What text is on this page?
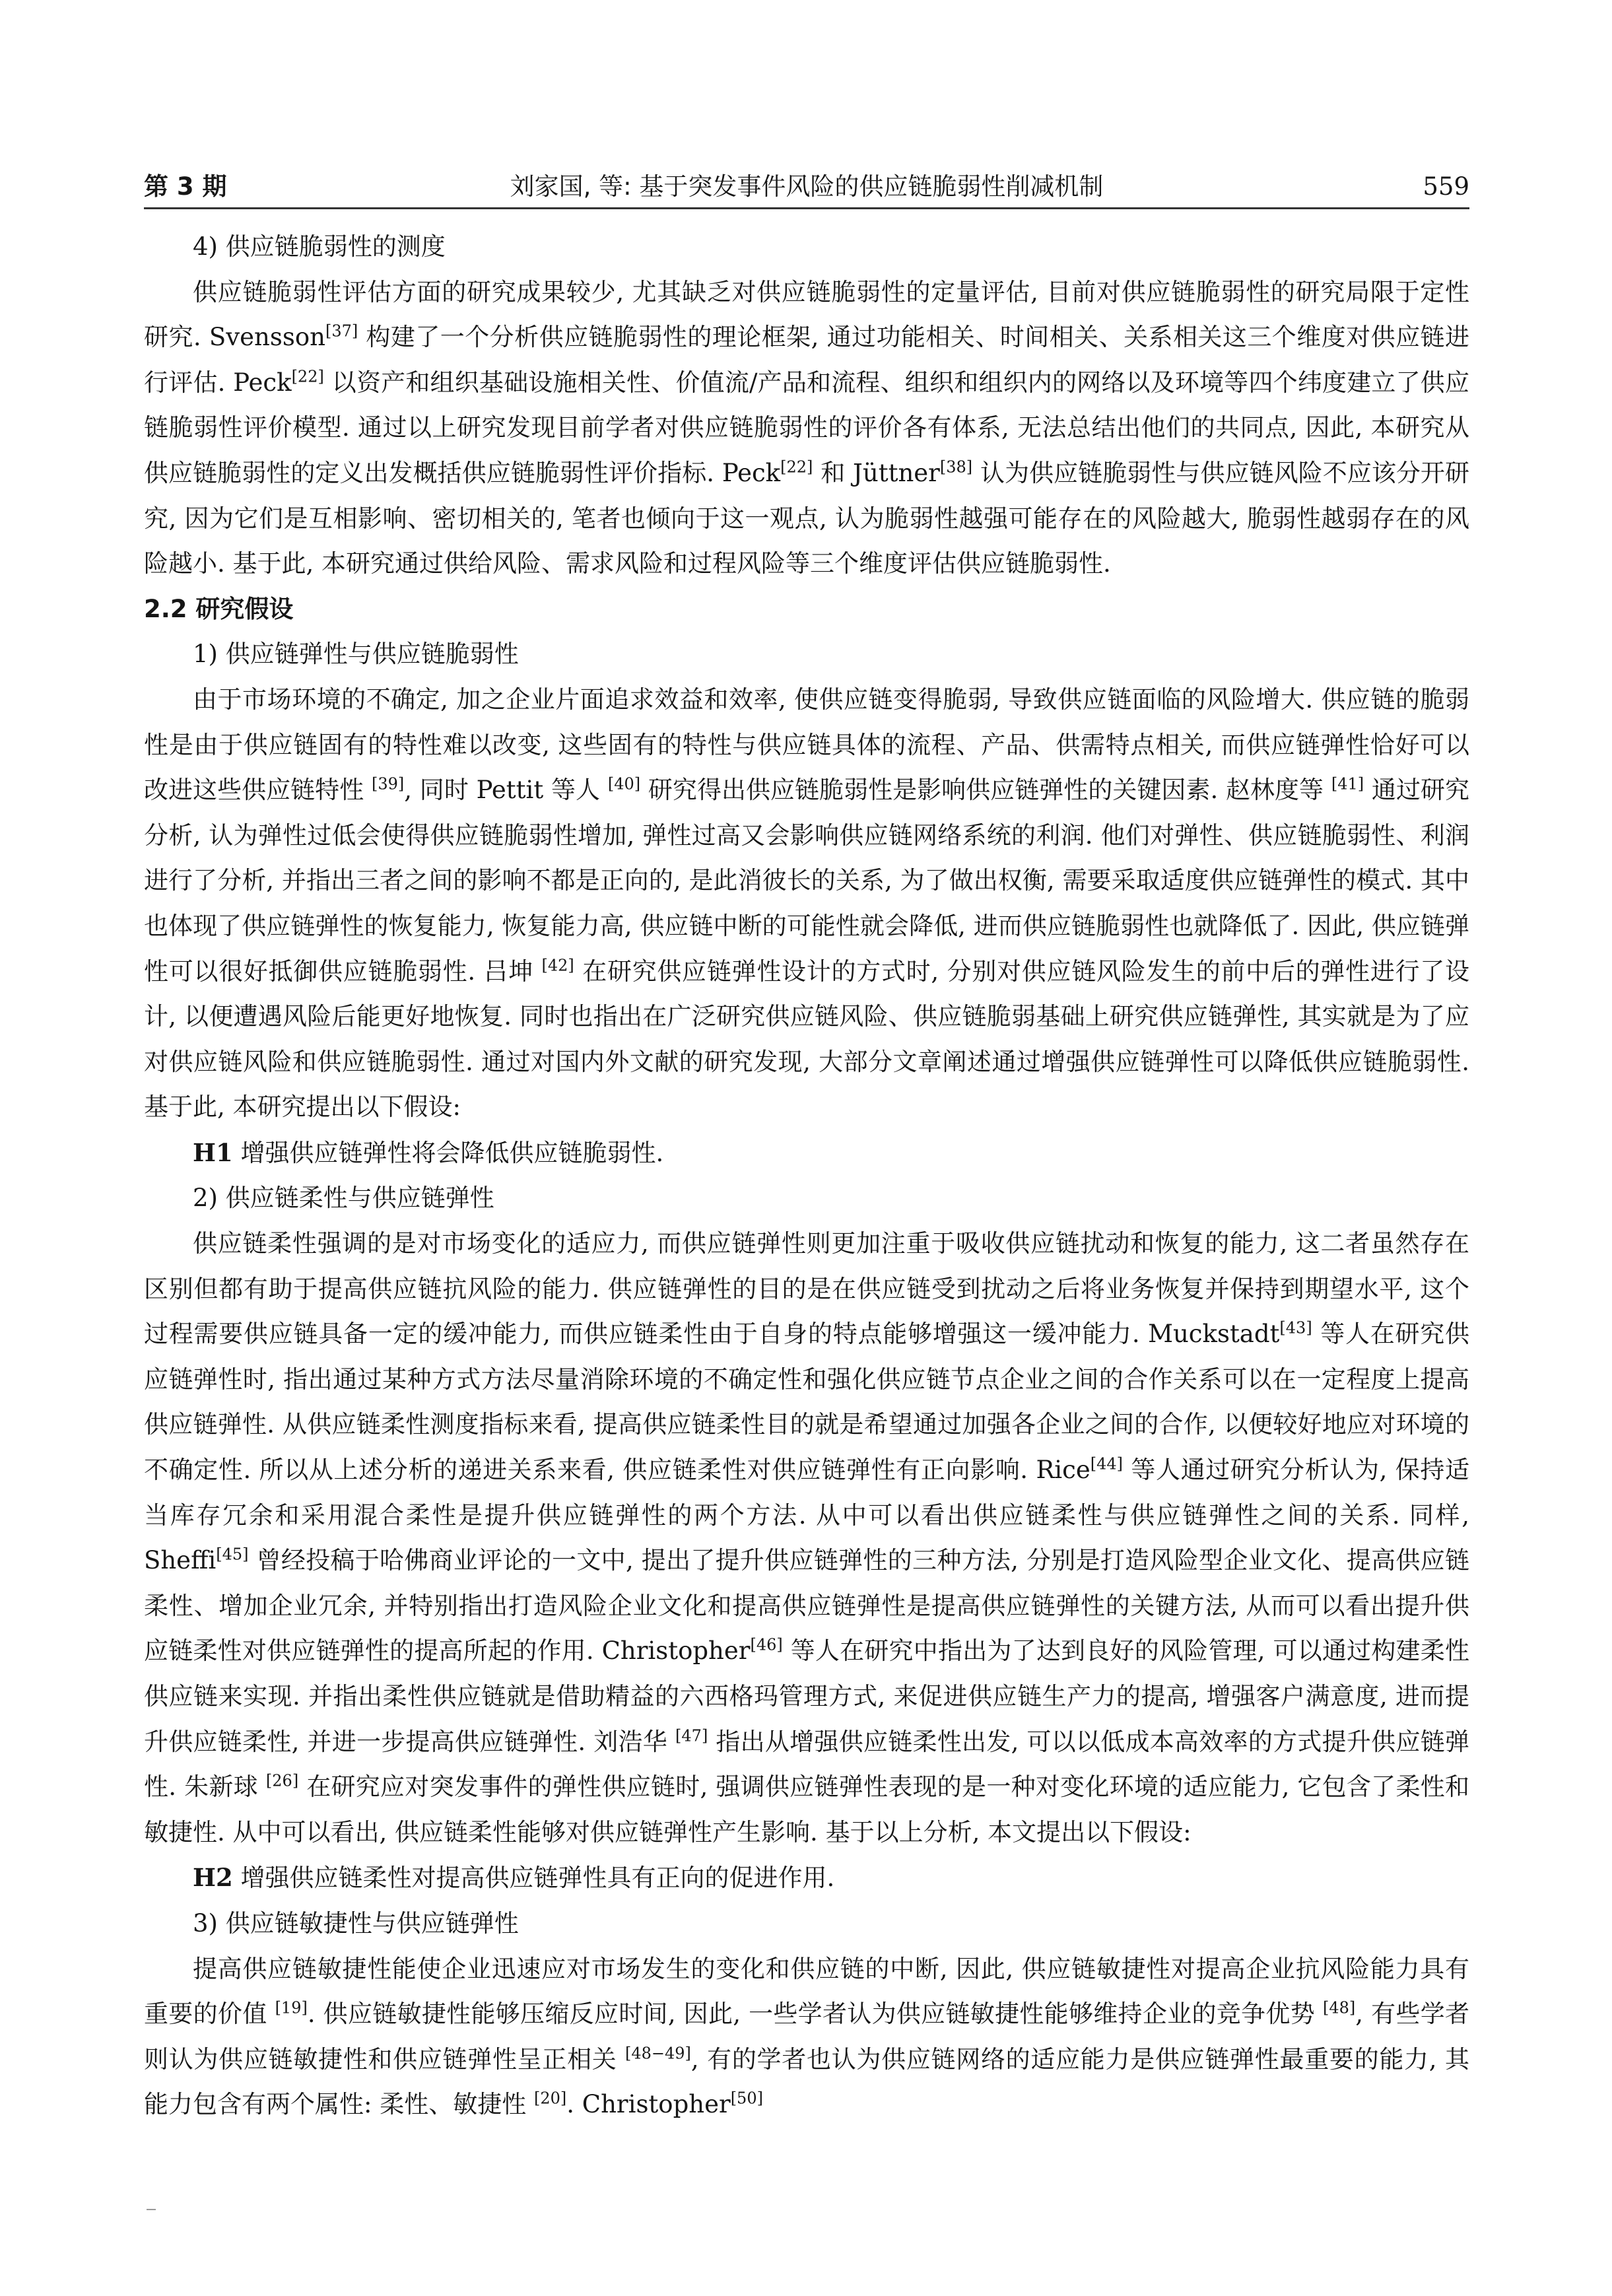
第 3 期	刘家国, 等: 基于突发事件风险的供应链脆弱性削减机制	559

4) 供应链脆弱性的测度

供应链脆弱性评估方面的研究成果较少, 尤其缺乏对供应链脆弱性的定量评估, 目前对供应链脆弱性的研究局限于定性研究. Svensson[37] 构建了一个分析供应链脆弱性的理论框架, 通过功能相关、时间相关、关系相关这三个维度对供应链进行评估. Peck[22] 以资产和组织基础设施相关性、价值流/产品和流程、组织和组织内的网络以及环境等四个纬度建立了供应链脆弱性评价模型. 通过以上研究发现目前学者对供应链脆弱性的评价各有体系, 无法总结出他们的共同点, 因此, 本研究从供应链脆弱性的定义出发概括供应链脆弱性评价指标. Peck[22] 和 Jüttner[38] 认为供应链脆弱性与供应链风险不应该分开研究, 因为它们是互相影响、密切相关的, 笔者也倾向于这一观点, 认为脆弱性越强可能存在的风险越大, 脆弱性越弱存在的风险越小. 基于此, 本研究通过供给风险、需求风险和过程风险等三个维度评估供应链脆弱性.

2.2 研究假设

1) 供应链弹性与供应链脆弱性

由于市场环境的不确定, 加之企业片面追求效益和效率, 使供应链变得脆弱, 导致供应链面临的风险增大. 供应链的脆弱性是由于供应链固有的特性难以改变, 这些固有的特性与供应链具体的流程、产品、供需特点相关, 而供应链弹性恰好可以改进这些供应链特性 [39], 同时 Pettit 等人 [40] 研究得出供应链脆弱性是影响供应链弹性的关键因素. 赵林度等 [41] 通过研究分析, 认为弹性过低会使得供应链脆弱性增加, 弹性过高又会影响供应链网络系统的利润. 他们对弹性、供应链脆弱性、利润进行了分析, 并指出三者之间的影响不都是正向的, 是此消彼长的关系, 为了做出权衡, 需要采取适度供应链弹性的模式. 其中也体现了供应链弹性的恢复能力, 恢复能力高, 供应链中断的可能性就会降低, 进而供应链脆弱性也就降低了. 因此, 供应链弹性可以很好抵御供应链脆弱性. 吕坤 [42] 在研究供应链弹性设计的方式时, 分别对供应链风险发生的前中后的弹性进行了设计, 以便遭遇风险后能更好地恢复. 同时也指出在广泛研究供应链风险、供应链脆弱基础上研究供应链弹性, 其实就是为了应对供应链风险和供应链脆弱性. 通过对国内外文献的研究发现, 大部分文章阐述通过增强供应链弹性可以降低供应链脆弱性. 基于此, 本研究提出以下假设:

H1 增强供应链弹性将会降低供应链脆弱性.

2) 供应链柔性与供应链弹性

供应链柔性强调的是对市场变化的适应力, 而供应链弹性则更加注重于吸收供应链扰动和恢复的能力, 这二者虽然存在区别但都有助于提高供应链抗风险的能力. 供应链弹性的目的是在供应链受到扰动之后将业务恢复并保持到期望水平, 这个过程需要供应链具备一定的缓冲能力, 而供应链柔性由于自身的特点能够增强这一缓冲能力. Muckstadt[43] 等人在研究供应链弹性时, 指出通过某种方式方法尽量消除环境的不确定性和强化供应链节点企业之间的合作关系可以在一定程度上提高供应链弹性. 从供应链柔性测度指标来看, 提高供应链柔性目的就是希望通过加强各企业之间的合作, 以便较好地应对环境的不确定性. 所以从上述分析的递进关系来看, 供应链柔性对供应链弹性有正向影响. Rice[44] 等人通过研究分析认为, 保持适当库存冗余和采用混合柔性是提升供应链弹性的两个方法. 从中可以看出供应链柔性与供应链弹性之间的关系. 同样, Sheffi[45] 曾经投稿于哈佛商业评论的一文中, 提出了提升供应链弹性的三种方法, 分别是打造风险型企业文化、提高供应链柔性、增加企业冗余, 并特别指出打造风险企业文化和提高供应链弹性是提高供应链弹性的关键方法, 从而可以看出提升供应链柔性对供应链弹性的提高所起的作用. Christopher[46] 等人在研究中指出为了达到良好的风险管理, 可以通过构建柔性供应链来实现. 并指出柔性供应链就是借助精益的六西格玛管理方式, 来促进供应链生产力的提高, 增强客户满意度, 进而提升供应链柔性, 并进一步提高供应链弹性. 刘浩华 [47] 指出从增强供应链柔性出发, 可以以低成本高效率的方式提升供应链弹性. 朱新球 [26] 在研究应对突发事件的弹性供应链时, 强调供应链弹性表现的是一种对变化环境的适应能力, 它包含了柔性和敏捷性. 从中可以看出, 供应链柔性能够对供应链弹性产生影响. 基于以上分析, 本文提出以下假设:

H2 增强供应链柔性对提高供应链弹性具有正向的促进作用.

3) 供应链敏捷性与供应链弹性

提高供应链敏捷性能使企业迅速应对市场发生的变化和供应链的中断, 因此, 供应链敏捷性对提高企业抗风险能力具有重要的价值 [19]. 供应链敏捷性能够压缩反应时间, 因此, 一些学者认为供应链敏捷性能够维持企业的竞争优势 [48], 有些学者则认为供应链敏捷性和供应链弹性呈正相关 [48−49], 有的学者也认为供应链网络的适应能力是供应链弹性最重要的能力, 其能力包含有两个属性: 柔性、敏捷性 [20]. Christopher[50]
